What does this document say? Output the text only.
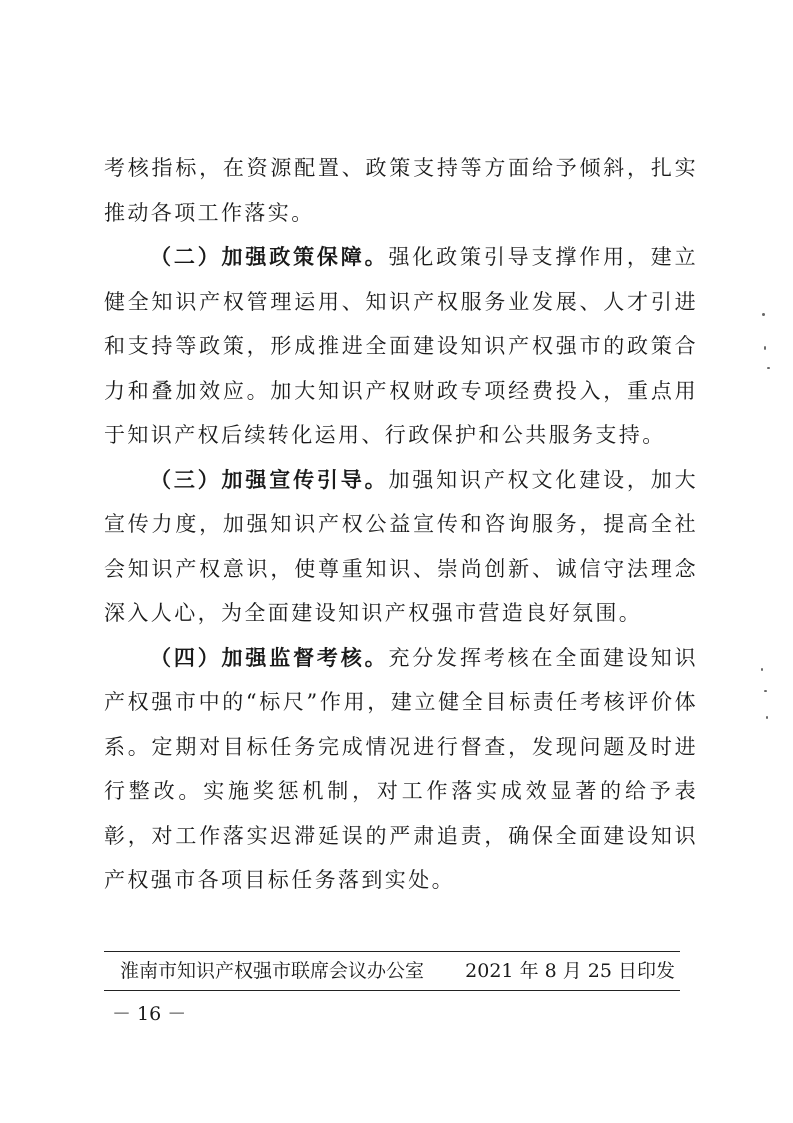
考核指标，在资源配置、政策支持等方面给予倾斜，扎实推动各项工作落实。

（二）加强政策保障。强化政策引导支撑作用，建立健全知识产权管理运用、知识产权服务业发展、人才引进和支持等政策，形成推进全面建设知识产权强市的政策合力和叠加效应。加大知识产权财政专项经费投入，重点用于知识产权后续转化运用、行政保护和公共服务支持。

（三）加强宣传引导。加强知识产权文化建设，加大宣传力度，加强知识产权公益宣传和咨询服务，提高全社会知识产权意识，使尊重知识、崇尚创新、诚信守法理念深入人心，为全面建设知识产权强市营造良好氛围。

（四）加强监督考核。充分发挥考核在全面建设知识产权强市中的“标尺”作用，建立健全目标责任考核评价体系。定期对目标任务完成情况进行督查，发现问题及时进行整改。实施奖惩机制，对工作落实成效显著的给予表彰，对工作落实迟滞延误的严肃追责，确保全面建设知识产权强市各项目标任务落到实处。

淮南市知识产权强市联席会议办公室 2021 年 8 月 25 日印发
－ 16 －
